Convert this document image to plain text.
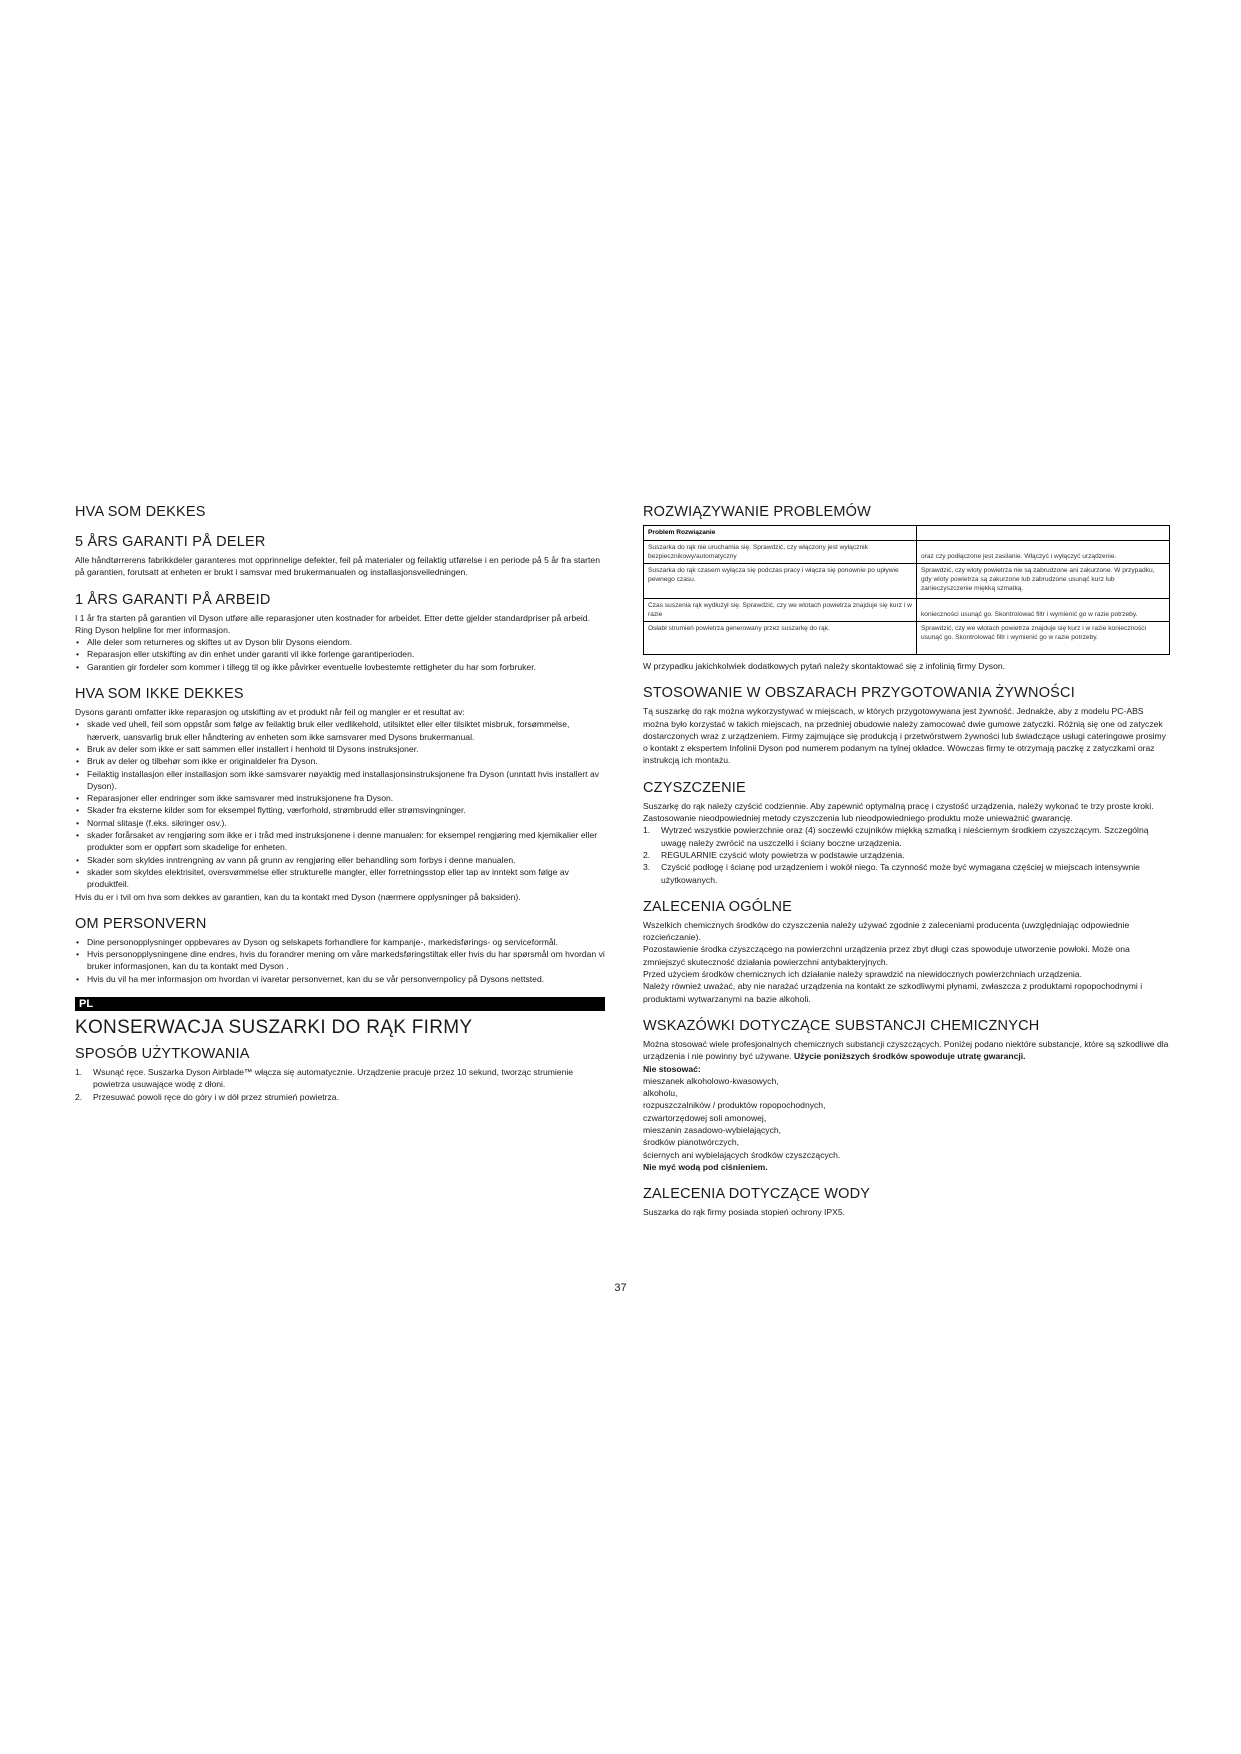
HVA SOM DEKKES
5 ÅRS GARANTI PÅ DELER

Alle håndtørrerens fabrikkdeler garanteres mot opprinnelige defekter, feil på materialer og feilaktig utførelse i en periode på 5 år fra starten på garantien, forutsatt at enheten er brukt i samsvar med brukermanualen og installasjonsveiledningen.

1 ÅRS GARANTI PÅ ARBEID

I 1 år fra starten på garantien vil Dyson utføre alle reparasjoner uten kostnader for arbeidet. Etter dette gjelder standardpriser på arbeid.

Ring Dyson helpline for mer informasjon.

• Alle deler som returneres og skiftes ut av Dyson blir Dysons eiendom.
• Reparasjon eller utskifting av din enhet under garanti vil ikke forlenge garantiperioden.
• Garantien gir fordeler som kommer i tillegg til og ikke påvirker eventuelle lovbestemte rettigheter du har som forbruker.
HVA SOM IKKE DEKKES

Dysons garanti omfatter ikke reparasjon og utskifting av et produkt når feil og mangler er et resultat av:

• skade ved uhell, feil som oppstår som følge av feilaktig bruk eller vedlikehold, utilsiktet eller eller tilsiktet misbruk, forsømmelse, hærverk, uansvarlig bruk eller håndtering av enheten som ikke samsvarer med Dysons brukermanual.
• Bruk av deler som ikke er satt sammen eller installert i henhold til Dysons instruksjoner.
• Bruk av deler og tilbehør som ikke er originaldeler fra Dyson.
• Feilaktig installasjon eller installasjon som ikke samsvarer nøyaktig med installasjonsinstruksjonene fra Dyson (unntatt hvis installert av Dyson).
• Reparasjoner eller endringer som ikke samsvarer med instruksjonene fra Dyson.
• Skader fra eksterne kilder som for eksempel flytting, værforhold, strømbrudd eller strømsvingninger.
• Normal slitasje (f.eks. sikringer osv.).
• skader forårsaket av rengjøring som ikke er i tråd med instruksjonene i denne manualen: for eksempel rengjøring med kjemikalier eller produkter som er oppført som skadelige for enheten.
• Skader som skyldes inntrengning av vann på grunn av rengjøring eller behandling som forbys i denne manualen.
• skader som skyldes elektrisitet, oversvømmelse eller strukturelle mangler, eller forretningsstop eller tap av inntekt som følge av produktfeil.

Hvis du er i tvil om hva som dekkes av garantien, kan du ta kontakt med Dyson (nærmere opplysninger på baksiden).

OM PERSONVERN
• Dine personopplysninger oppbevares av Dyson og selskapets forhandlere for kampanje-, markedsførings- og serviceformål.
• Hvis personopplysningene dine endres, hvis du forandrer mening om våre markedsføringstiltak eller hvis du har spørsmål om hvordan vi bruker informasjonen, kan du ta kontakt med Dyson .
• Hvis du vil ha mer informasjon om hvordan vi ivaretar personvernet, kan du se vår personvernpolicy på Dysons nettsted.
PL
KONSERWACJA SUSZARKI DO RĄK FIRMY
SPOSÓB UŻYTKOWANIA
1. Wsunąć ręce. Suszarka Dyson Airblade™ włącza się automatycznie. Urządzenie pracuje przez 10 sekund, tworząc strumienie powietrza usuwające wodę z dłoni.
2. Przesuwać powoli ręce do góry i w dół przez strumień powietrza.
ROZWIĄZYWANIE PROBLEMÓW
Problem Rozwiązanie	
Suszarka do rąk nie uruchamia się. Sprawdzić, czy włączony jest wyłącznik bezpiecznikowy/automatyczny	oraz czy podłączone jest zasilanie. Włączyć i wyłączyć urządzenie.
Suszarka do rąk czasem wyłącza się podczas pracy i włącza się ponownie po upływie pewnego czasu.	Sprawdzić, czy wloty powietrza nie są zabrudzone ani zakurzone. W przypadku, gdy wloty powietrza są zakurzone lub zabrudzone usunąć kurz lub zanieczyszczenie miękką szmatką.
Czas suszenia rąk wydłużył się. Sprawdzić, czy we wlotach powietrza znajduje się kurz i w razie	konieczności usunąć go. Skontrolować filtr i wymienić go w razie potrzeby.
Osłabł strumień powietrza generowany przez suszarkę do rąk.	Sprawdzić, czy we wlotach powietrza znajduje się kurz i w razie konieczności usunąć go. Skontrolować filtr i wymienić go w razie potrzeby.

W przypadku jakichkolwiek dodatkowych pytań należy skontaktować się z infolinią firmy Dyson.

STOSOWANIE W OBSZARACH PRZYGOTOWANIA ŻYWNOŚCI

Tą suszarkę do rąk można wykorzystywać w miejscach, w których przygotowywana jest żywność. Jednakże, aby z modelu PC-ABS można było korzystać w takich miejscach, na przedniej obudowie należy zamocować dwie gumowe zatyczki. Różnią się one od zatyczek dostarczonych wraz z urządzeniem. Firmy zajmujące się produkcją i przetwórstwem żywności lub świadczące usługi cateringowe prosimy o kontakt z ekspertem Infolinii Dyson pod numerem podanym na tylnej okładce. Wówczas firmy te otrzymają paczkę z zatyczkami oraz instrukcją ich montażu.

CZYSZCZENIE

Suszarkę do rąk należy czyścić codziennie. Aby zapewnić optymalną pracę i czystość urządzenia, należy wykonać te trzy proste kroki. Zastosowanie nieodpowiedniej metody czyszczenia lub nieodpowiedniego produktu może unieważnić gwarancję.

1. Wytrzeć wszystkie powierzchnie oraz (4) soczewki czujników miękką szmatką i nieściernym środkiem czyszczącym. Szczególną uwagę należy zwrócić na uszczelki i ściany boczne urządzenia.
2. REGULARNIE czyścić wloty powietrza w podstawie urządzenia.
3. Czyścić podłogę i ścianę pod urządzeniem i wokół niego. Ta czynność może być wymagana częściej w miejscach intensywnie użytkowanych.
ZALECENIA OGÓLNE

Wszelkich chemicznych środków do czyszczenia należy używać zgodnie z zaleceniami producenta (uwzględniając odpowiednie rozcieńczanie).

Pozostawienie środka czyszczącego na powierzchni urządzenia przez zbyt długi czas spowoduje utworzenie powłoki. Może ona zmniejszyć skuteczność działania powierzchni antybakteryjnych.

Przed użyciem środków chemicznych ich działanie należy sprawdzić na niewidocznych powierzchniach urządzenia.

Należy również uważać, aby nie narażać urządzenia na kontakt ze szkodliwymi płynami, zwłaszcza z produktami ropopochodnymi i produktami wytwarzanymi na bazie alkoholi.

WSKAZÓWKI DOTYCZĄCE SUBSTANCJI CHEMICZNYCH

Można stosować wiele profesjonalnych chemicznych substancji czyszczących. Poniżej podano niektóre substancje, które są szkodliwe dla urządzenia i nie powinny być używane. Użycie poniższych środków spowoduje utratę gwarancji.

Nie stosować:

mieszanek alkoholowo-kwasowych,

alkoholu,

rozpuszczalników / produktów ropopochodnych,

czwartorzędowej soli amonowej,

mieszanin zasadowo-wybielających,

środków pianotwórczych,

ściernych ani wybielających środków czyszczących.

Nie myć wodą pod ciśnieniem.

ZALECENIA DOTYCZĄCE WODY

Suszarka do rąk firmy posiada stopień ochrony IPX5.

37
